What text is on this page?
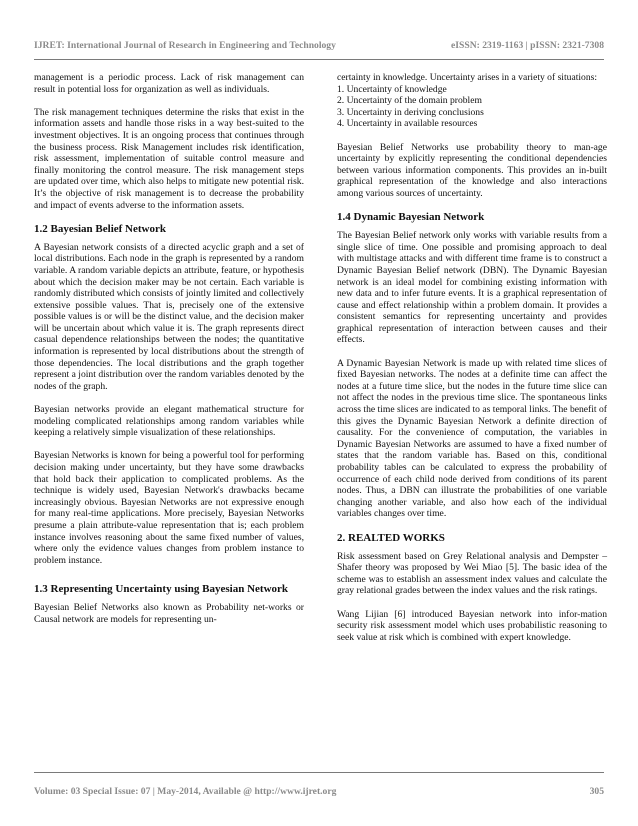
IJRET: International Journal of Research in Engineering and Technology	eISSN: 2319-1163 | pISSN: 2321-7308

management is a periodic process. Lack of risk management can result in potential loss for organization as well as individuals.

The risk management techniques determine the risks that exist in the information assets and handle those risks in a way best-suited to the investment objectives. It is an ongoing process that continues through the business process. Risk Management includes risk identification, risk assessment, implementation of suitable control measure and finally monitoring the control measure. The risk management steps are updated over time, which also helps to mitigate new potential risk. It’s the objective of risk management is to decrease the probability and impact of events adverse to the information assets.

1.2 Bayesian Belief Network

A Bayesian network consists of a directed acyclic graph and a set of local distributions. Each node in the graph is represented by a random variable. A random variable depicts an attribute, feature, or hypothesis about which the decision maker may be not certain. Each variable is randomly distributed which consists of jointly limited and collectively extensive possible values. That is, precisely one of the extensive possible values is or will be the distinct value, and the decision maker will be uncertain about which value it is. The graph represents direct casual dependence relationships between the nodes; the quantitative information is represented by local distributions about the strength of those dependencies. The local distributions and the graph together represent a joint distribution over the random variables denoted by the nodes of the graph.

Bayesian networks provide an elegant mathematical structure for modeling complicated relationships among random variables while keeping a relatively simple visualization of these relationships.

Bayesian Networks is known for being a powerful tool for performing decision making under uncertainty, but they have some drawbacks that hold back their application to complicated problems. As the technique is widely used, Bayesian Network's drawbacks became increasingly obvious. Bayesian Networks are not expressive enough for many real-time applications. More precisely, Bayesian Networks presume a plain attribute-value representation that is; each problem instance involves reasoning about the same fixed number of values, where only the evidence values changes from problem instance to problem instance.

1.3 Representing Uncertainty using Bayesian Network

Bayesian Belief Networks also known as Probability net-works or Causal network are models for representing un-

certainty in knowledge. Uncertainty arises in a variety of situations:

1. Uncertainty of knowledge
2. Uncertainty of the domain problem
3. Uncertainty in deriving conclusions
4. Uncertainty in available resources

Bayesian Belief Networks use probability theory to man-age uncertainty by explicitly representing the conditional dependencies between various information components. This provides an in-built graphical representation of the knowledge and also interactions among various sources of uncertainty.

1.4 Dynamic Bayesian Network

The Bayesian Belief network only works with variable results from a single slice of time. One possible and promising approach to deal with multistage attacks and with different time frame is to construct a Dynamic Bayesian Belief network (DBN). The Dynamic Bayesian network is an ideal model for combining existing information with new data and to infer future events. It is a graphical representation of cause and effect relationship within a problem domain. It provides a consistent semantics for representing uncertainty and provides graphical representation of interaction between causes and their effects.

A Dynamic Bayesian Network is made up with related time slices of fixed Bayesian networks. The nodes at a definite time can affect the nodes at a future time slice, but the nodes in the future time slice can not affect the nodes in the previous time slice. The spontaneous links across the time slices are indicated to as temporal links. The benefit of this gives the Dynamic Bayesian Network a definite direction of causality. For the convenience of computation, the variables in Dynamic Bayesian Networks are assumed to have a fixed number of states that the random variable has. Based on this, conditional probability tables can be calculated to express the probability of occurrence of each child node derived from conditions of its parent nodes. Thus, a DBN can illustrate the probabilities of one variable changing another variable, and also how each of the individual variables changes over time.

2. REALTED WORKS

Risk assessment based on Grey Relational analysis and Dempster –Shafer theory was proposed by Wei Miao [5]. The basic idea of the scheme was to establish an assessment index values and calculate the gray relational grades between the index values and the risk ratings.

Wang Lijian [6] introduced Bayesian network into infor-mation security risk assessment model which uses probabilistic reasoning to seek value at risk which is combined with expert knowledge.

Volume: 03 Special Issue: 07 | May-2014, Available @ http://www.ijret.org	305
